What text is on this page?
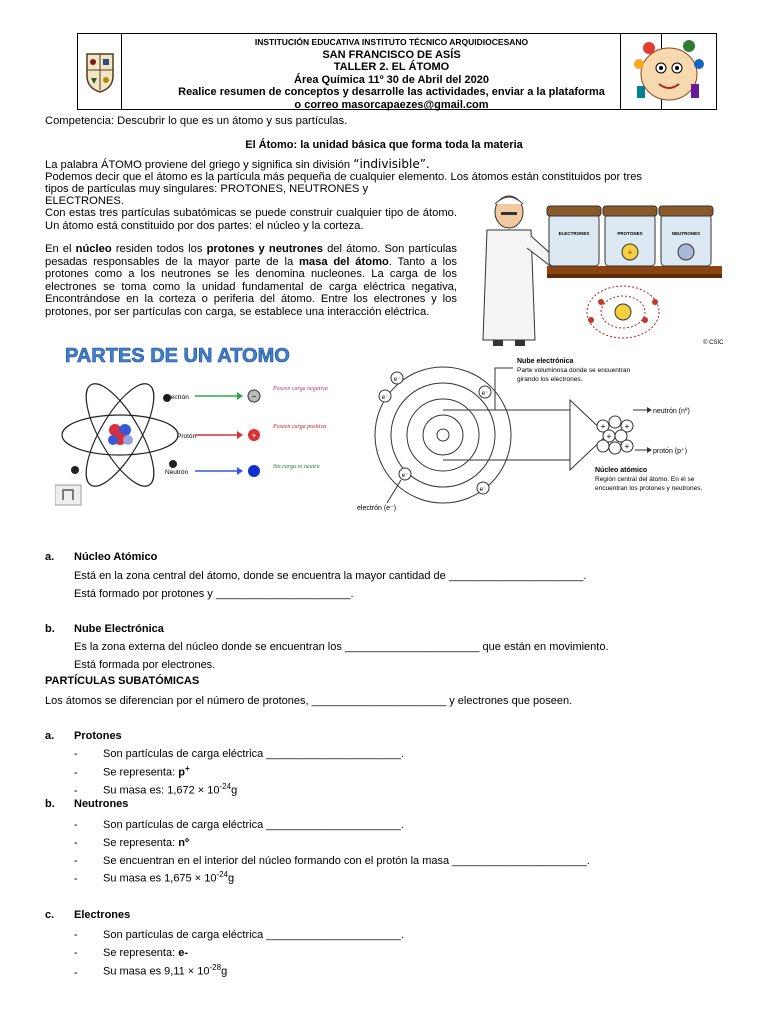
INSTITUCIÓN EDUCATIVA INSTITUTO TÉCNICO ARQUIDIOCESANO
SAN FRANCISCO DE ASÍS
TALLER 2. EL ÁTOMO
Área Química 11º 30 de Abril del 2020
Realice resumen de conceptos y desarrolle las actividades, enviar a la plataforma
o correo masorcapaezes@gmail.com
Competencia: Descubrir lo que es un átomo y sus partículas.
El Átomo: la unidad básica que forma toda la materia
La palabra ÁTOMO proviene del griego y significa sin división “indivisible”.
Podemos decir que el átomo es la partícula más pequeña de cualquier elemento. Los átomos están constituidos por tres
tipos de partículas muy singulares: PROTONES, NEUTRONES y
ELECTRONES.
Con estas tres partículas subatómicas se puede construir cualquier tipo de átomo. Un átomo está constituido por dos partes: el núcleo y la corteza.
En el núcleo residen todos los protones y neutrones del átomo. Son partículas pesadas responsables de la mayor parte de la masa del átomo. Tanto a los protones como a los neutrones se les denomina nucleones. La carga de los electrones se toma como la unidad fundamental de carga eléctrica negativa, Encontrándose en la corteza o periferia del átomo. Entre los electrones y los protones, por ser partículas con carga, se establece una interacción eléctrica.
ELECTRONES	PROTONES
+
NEUTRONES
© CSIC
PARTES DE UN ATOMO
Electrón
Protón
Neutrón
−
+
Poseen carga negativa
Poseen carga positiva
Sin carga es neutra
e⁻
e⁻
e⁻
e⁻
e⁻
+ +
+
+
neutrón (nº)
protón (p⁺)
Nube electrónica
Parte voluminosa donde se encuentran
girando los electrones.
Núcleo atómico
Región central del átomo. En él se
encuentran los protones y neutrones.
electrón (e⁻)
a. Núcleo Atómico
Está en la zona central del átomo, donde se encuentra la mayor cantidad de ______________________.
Está formado por protones y ______________________.
b. Nube Electrónica
Es la zona externa del núcleo donde se encuentran los ______________________ que están en movimiento.
Está formada por electrones.
PARTÍCULAS SUBATÓMICAS
Los átomos se diferencian por el número de protones, ______________________ y electrones que poseen.
a. Protones
- Son partículas de carga eléctrica ______________________.
- Se representa: p+
- Su masa es: $1,672 \times 10^{-24}g$
b. Neutrones
- Son partículas de carga eléctrica ______________________.
- Se representa: nº
- Se encuentran en el interior del núcleo formando con el protón la masa ______________________.
- Su masa es $1,675 \times 10^{-24}g$
c. Electrones
- Son partículas de carga eléctrica ______________________.
- Se representa: e-
- Su masa es $9,11 \times 10^{-28}g$
